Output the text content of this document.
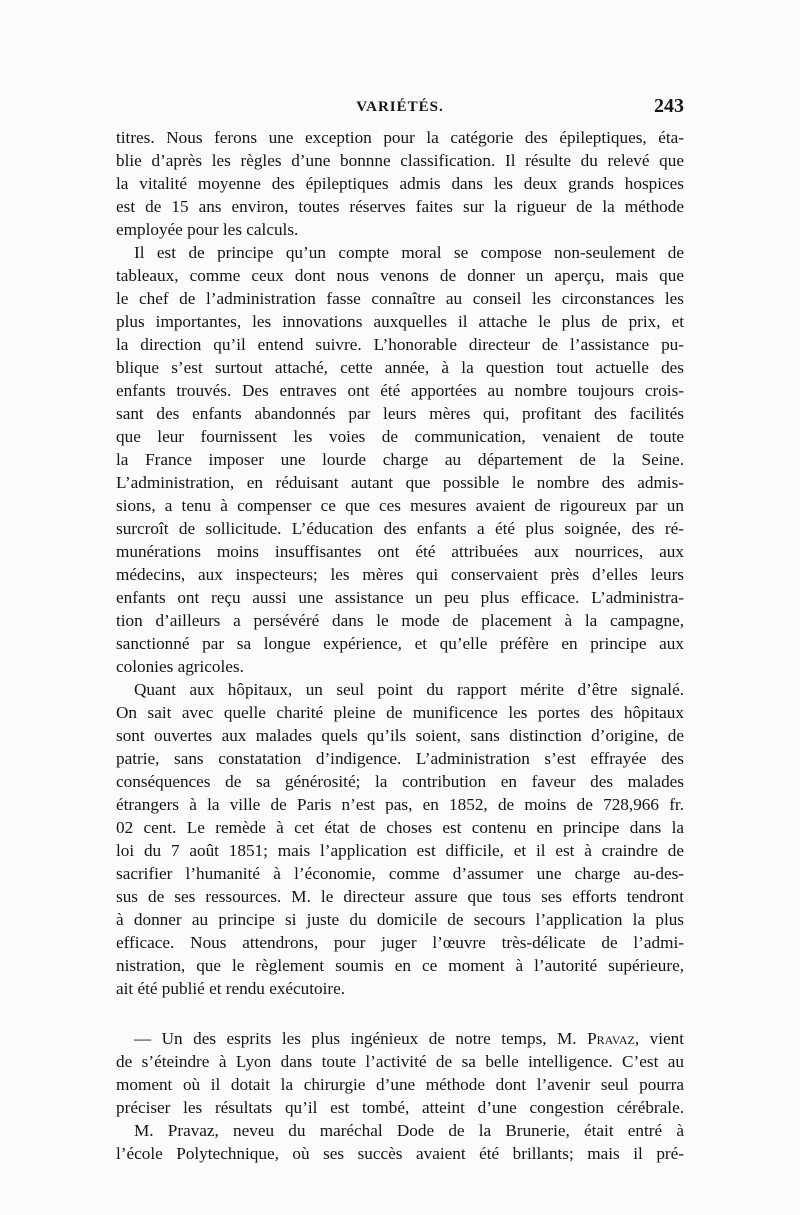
VARIÉTÉS.	243
titres. Nous ferons une exception pour la catégorie des épileptiques, éta-
blie d’après les règles d’une bonnne classification. Il résulte du relevé que
la vitalité moyenne des épileptiques admis dans les deux grands hospices
est de 15 ans environ, toutes réserves faites sur la rigueur de la méthode
employée pour les calculs.
Il est de principe qu’un compte moral se compose non-seulement de
tableaux, comme ceux dont nous venons de donner un aperçu, mais que
le chef de l’administration fasse connaître au conseil les circonstances les
plus importantes, les innovations auxquelles il attache le plus de prix, et
la direction qu’il entend suivre. L’honorable directeur de l’assistance pu-
blique s’est surtout attaché, cette année, à la question tout actuelle des
enfants trouvés. Des entraves ont été apportées au nombre toujours crois-
sant des enfants abandonnés par leurs mères qui, profitant des facilités
que leur fournissent les voies de communication, venaient de toute
la France imposer une lourde charge au département de la Seine.
L’administration, en réduisant autant que possible le nombre des admis-
sions, a tenu à compenser ce que ces mesures avaient de rigoureux par un
surcroît de sollicitude. L’éducation des enfants a été plus soignée, des ré-
munérations moins insuffisantes ont été attribuées aux nourrices, aux
médecins, aux inspecteurs; les mères qui conservaient près d’elles leurs
enfants ont reçu aussi une assistance un peu plus efficace. L’administra-
tion d’ailleurs a persévéré dans le mode de placement à la campagne,
sanctionné par sa longue expérience, et qu’elle préfère en principe aux
colonies agricoles.
Quant aux hôpitaux, un seul point du rapport mérite d’être signalé.
On sait avec quelle charité pleine de munificence les portes des hôpitaux
sont ouvertes aux malades quels qu’ils soient, sans distinction d’origine, de
patrie, sans constatation d’indigence. L’administration s’est effrayée des
conséquences de sa générosité; la contribution en faveur des malades
étrangers à la ville de Paris n’est pas, en 1852, de moins de 728,966 fr.
02 cent. Le remède à cet état de choses est contenu en principe dans la
loi du 7 août 1851; mais l’application est difficile, et il est à craindre de
sacrifier l’humanité à l’économie, comme d’assumer une charge au-des-
sus de ses ressources. M. le directeur assure que tous ses efforts tendront
à donner au principe si juste du domicile de secours l’application la plus
efficace. Nous attendrons, pour juger l’œuvre très-délicate de l’admi-
nistration, que le règlement soumis en ce moment à l’autorité supérieure,
ait été publié et rendu exécutoire.
— Un des esprits les plus ingénieux de notre temps, M. Pravaz, vient
de s’éteindre à Lyon dans toute l’activité de sa belle intelligence. C’est au
moment où il dotait la chirurgie d’une méthode dont l’avenir seul pourra
préciser les résultats qu’il est tombé, atteint d’une congestion cérébrale.
M. Pravaz, neveu du maréchal Dode de la Brunerie, était entré à
l’école Polytechnique, où ses succès avaient été brillants; mais il pré-
